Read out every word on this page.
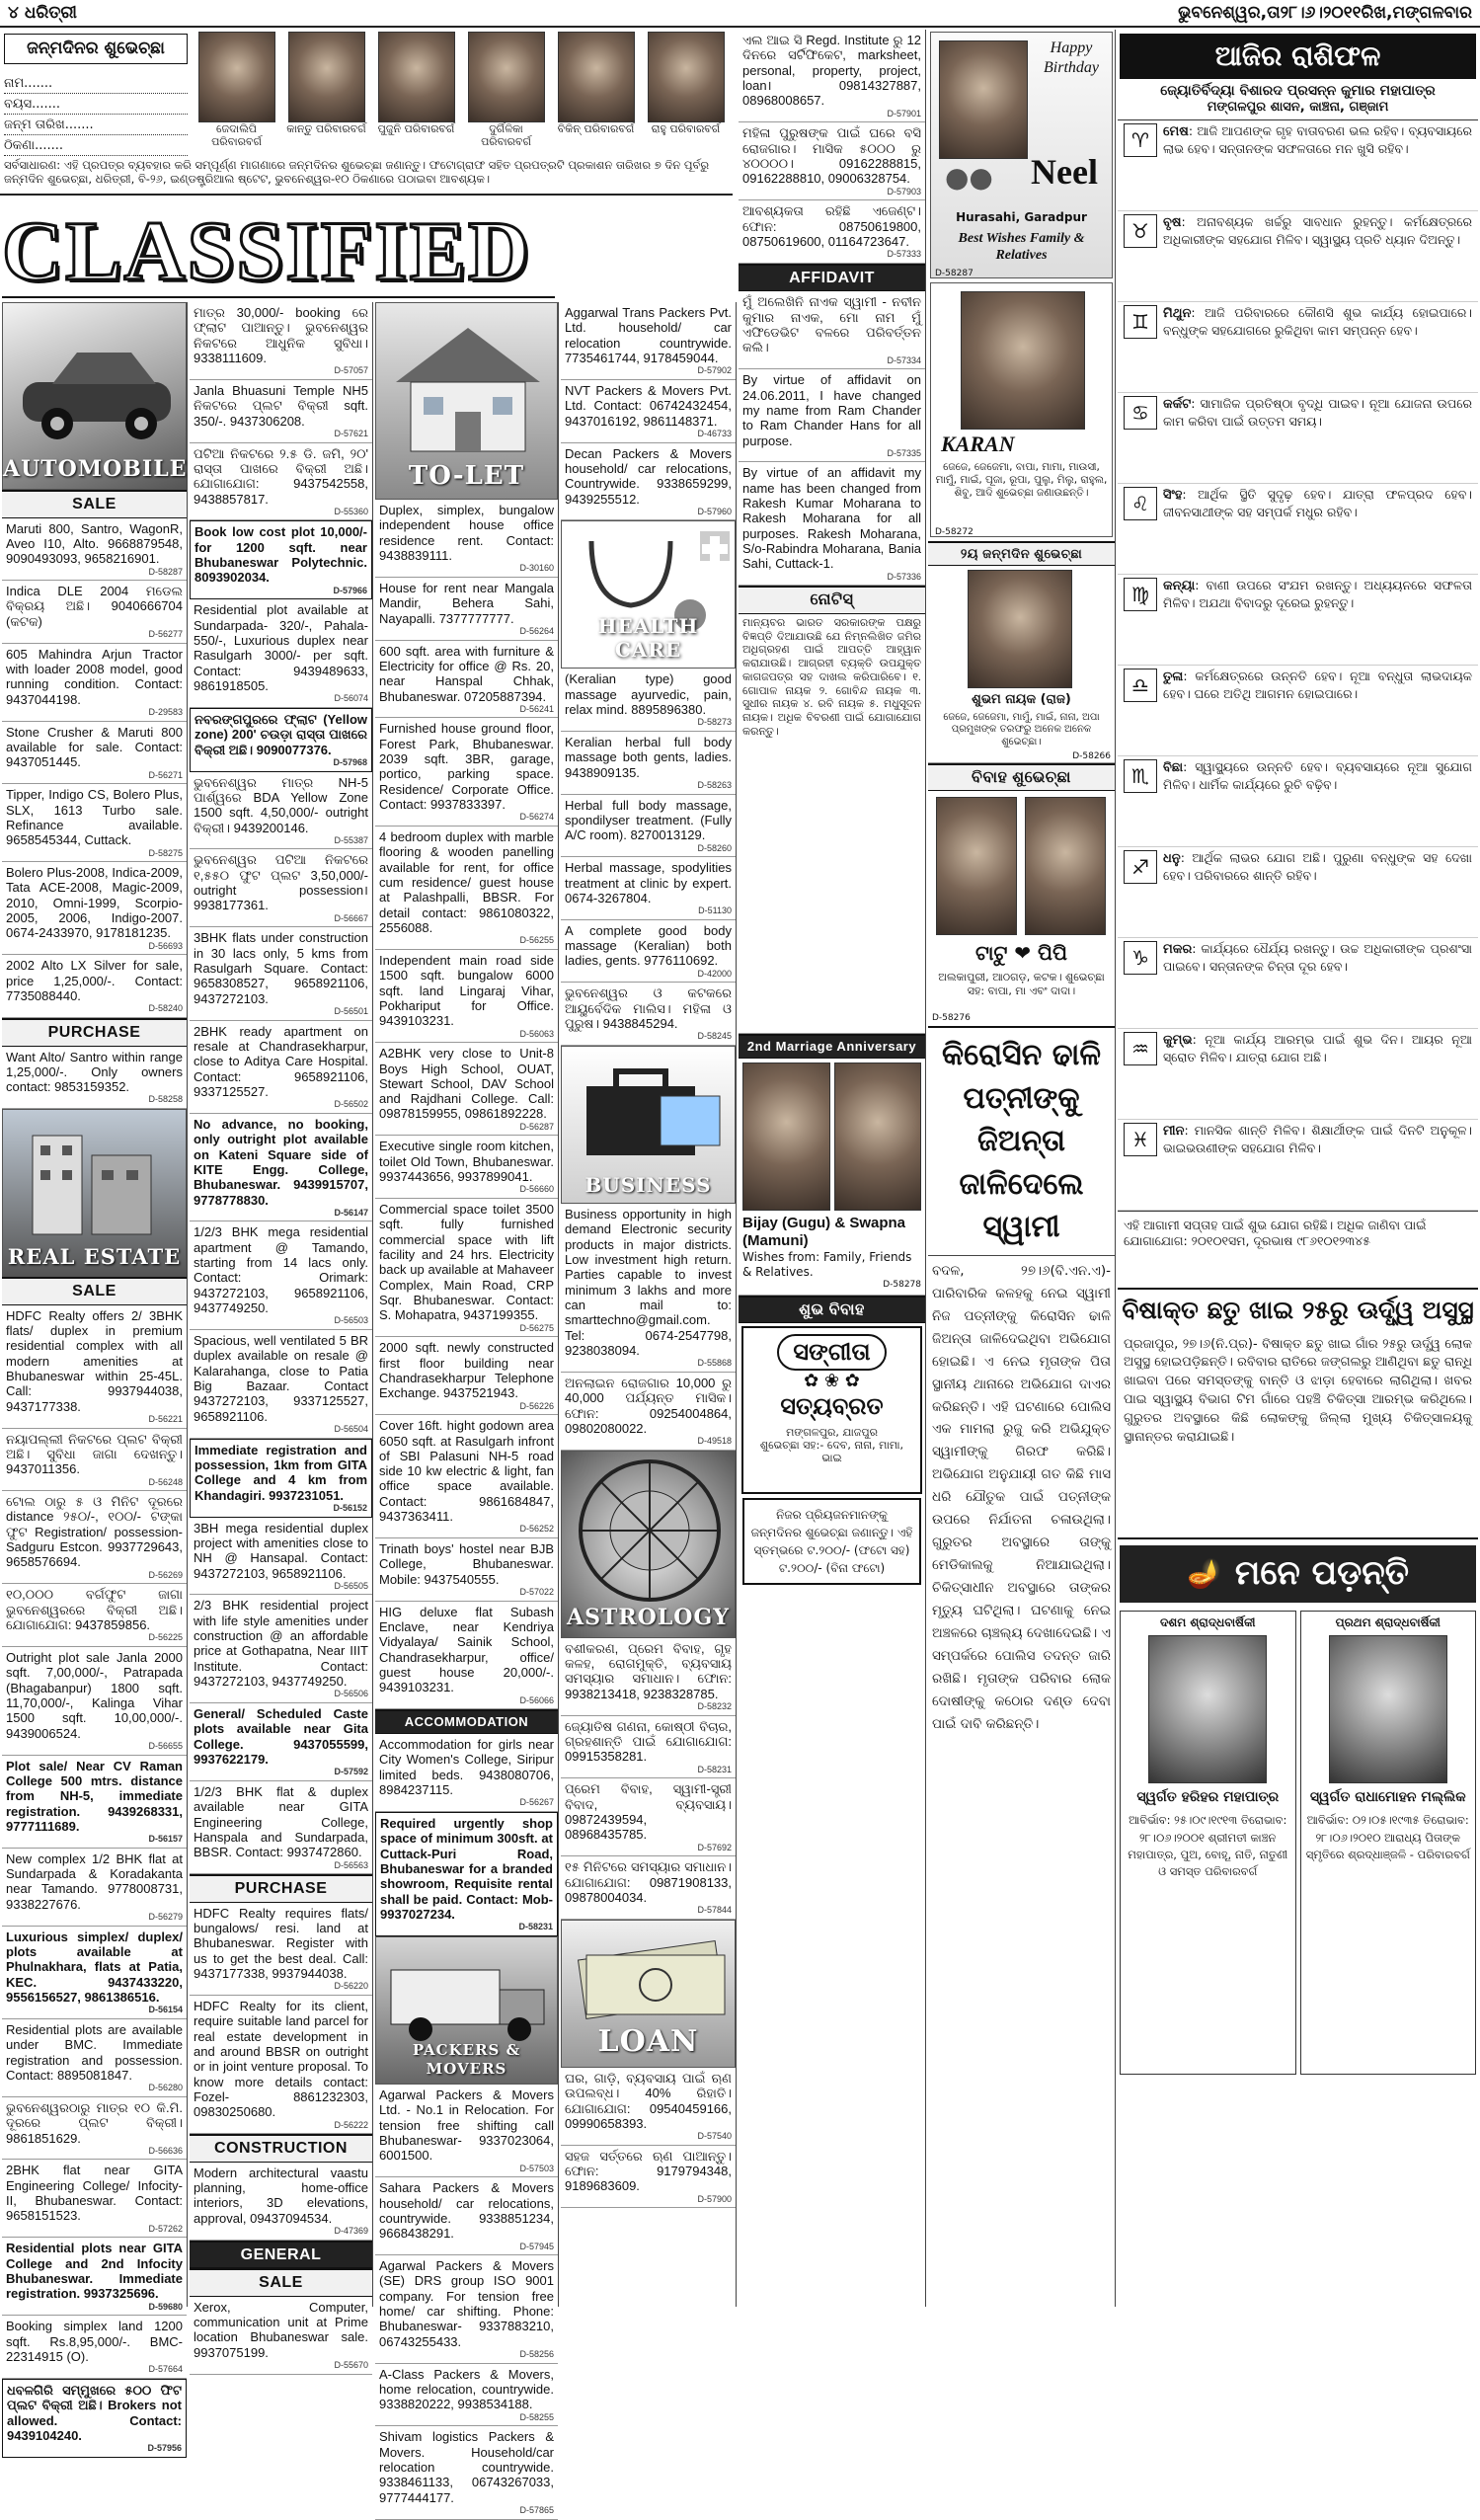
୪ ଧରିତ୍ରୀ	ଭୁବନେଶ୍ୱର,ତା୨୮।୬।୨୦୧୧ରିଖ,ମଙ୍ଗଳବାର
ଜନ୍ମଦିନର ଶୁଭେଚ୍ଛା
ନାମ.......
ବୟସ.......
ଜନ୍ମ ତାରିଖ.......
ଠିକଣା.......
ଜେଦାଲିପି ପରିବାରବର୍ଗ
କାନ୍ତୁ ପରିବାରବର୍ଗ ପୁଜୁନି ପରିବାରବର୍ଗ	ଦୁର୍ଗିଳିକା ପରିବାରବର୍ଗ
ବିକିନ୍ ପରିବାରବର୍ଗ ରାହୁ ପରିବାରବର୍ଗ
ସର୍ବସାଧାରଣ: ଏହି ପ୍ରପତ୍ର ବ୍ୟବହାର କରି ସମ୍ପୂର୍ଣ୍ଣ ମାଗଣାରେ ଜନ୍ମଦିନର ଶୁଭେଚ୍ଛା ଜଣାନ୍ତୁ। ଫଟୋଗ୍ରାଫ ସହିତ ପ୍ରପତ୍ରଟି ପ୍ରକାଶନ ତାରିଖର ୭ ଦିନ ପୂର୍ବରୁ ଜନ୍ମଦିନ ଶୁଭେଚ୍ଛା, ଧରିତ୍ରୀ, ବି-୨୬, ଇଣ୍ଡଷ୍ଟ୍ରିଆଲ ଷ୍ଟେଟ, ଭୁବନେଶ୍ୱର-୧୦ ଠିକଣାରେ ପଠାଇବା ଆବଶ୍ୟକ।
CLASSIFIED
AUTOMOBILE
SALE
Maruti 800, Santro, WagonR, Aveo I10, Alto. 9668879548, 9090493093, 9658216901.
D-58287
Indica DLE 2004 ମଡେଲ ବିକ୍ରୟ ଅଛି। 9040666704 (କଟକ)
D-56277
605 Mahindra Arjun Tractor with loader 2008 model, good running condition. Contact: 9437044198.
D-29583
Stone Crusher & Maruti 800 available for sale. Contact: 9437051445.
D-56271
Tipper, Indigo CS, Bolero Plus, SLX, 1613 Turbo sale. Refinance available. 9658545344, Cuttack.
D-58275
Bolero Plus-2008, Indica-2009, Tata ACE-2008, Magic-2009, 2010, Omni-1999, Scorpio-2005, 2006, Indigo-2007. 0674-2433970, 9178181235.
D-56693
2002 Alto LX Silver for sale, price 1,25,000/-. Contact: 7735088440.
D-58240
PURCHASE
Want Alto/ Santro within range 1,25,000/-. Only owners contact: 9853159352.
D-58258
REAL ESTATE
SALE
HDFC Realty offers 2/ 3BHK flats/ duplex in premium residential complex with all modern amenities at Bhubaneswar within 25-45L. Call: 9937944038, 9437177338.
D-56221
ନୟାପଲ୍ଲୀ ନିକଟରେ ପ୍ଲଟ ବିକ୍ରୀ ଅଛି। ସୁବିଧା ଜାଗା ଦେଖନ୍ତୁ। 9437011356.
D-56248
ଟୋଲ ଠାରୁ ୫ ଓ ମିନିଟ ଦୂରରେ distance ୨୫୦/-, ୧୦୦/- ଟଙ୍କା ଫୁଟ Registration/ possession- Sadguru Estcon. 9937729643, 9658576694.
D-56269
୧୦,୦୦୦ ବର୍ଗଫୁଟ ଜାଗା ଭୁବନେଶ୍ୱରରେ ବିକ୍ରୀ ଅଛି। ଯୋଗାଯୋଗ: 9437859856.
D-56225
Outright plot sale Janla 2000 sqft. 7,00,000/-, Patrapada (Bhagabanpur) 1800 sqft. 11,70,000/-, Kalinga Vihar 1500 sqft. 10,00,000/-. 9439006524.
D-56655
Plot sale/ Near CV Raman College 500 mtrs. distance from NH-5, immediate registration. 9439268331, 9777111689.
D-56157
New complex 1/2 BHK flat at Sundarpada & Koradakanta near Tamando. 9778008731, 9338227676.
D-56279
Luxurious simplex/ duplex/ plots available at Phulnakhara, flats at Patia, KEC. 9437433220, 9556156527, 9861386516.
D-56154
Residential plots are available under BMC. Immediate registration and possession. Contact: 8895081847.
D-56280
ଭୁବନେଶ୍ୱରଠାରୁ ମାତ୍ର ୧୦ କି.ମି. ଦୂରରେ ପ୍ଲଟ ବିକ୍ରୀ। 9861851629.
D-56636
2BHK flat near GITA Engineering College/ Infocity-II, Bhubaneswar. Contact: 9658151523.
D-57262
Residential plots near GITA College and 2nd Infocity Bhubaneswar. Immediate registration. 9937325696.
D-59680
Booking simplex land 1200 sqft. Rs.8,95,000/-. BMC-22314915 (O).
D-57664
ଧବଳଗିରି ସମ୍ମୁଖରେ ୫୦୦ ଫିଟ ପ୍ଲଟ ବିକ୍ରୀ ଅଛି। Brokers not allowed. Contact: 9439104240.
D-57956
ମାତ୍ର 30,000/- booking ରେ ଫ୍ଲାଟ ପାଆନ୍ତୁ। ଭୁବନେଶ୍ୱର ନିକଟରେ ଆଧୁନିକ ସୁବିଧା। 9338111609.
D-57057
Janla Bhuasuni Temple NH5 ନିକଟରେ ପ୍ଲଟ ବିକ୍ରୀ sqft. 350/-. 9437306208.
D-57621
ପଟିଆ ନିକଟରେ ୨.୫ ଡି. ଜମି, ୨୦' ରାସ୍ତା ପାଖରେ ବିକ୍ରୀ ଅଛି। ଯୋଗାଯୋଗ: 9437542558, 9438857817.
D-55360
Book low cost plot 10,000/- for 1200 sqft. near Bhubaneswar Polytechnic. 8093902034.
D-57966
Residential plot available at Sundarpada- 320/-, Pahala- 550/-, Luxurious duplex near Rasulgarh 3000/- per sqft. Contact: 9439489633, 9861918505.
D-56074
ନବରଙ୍ଗପୁରରେ ଫ୍ଲାଟ (Yellow zone) 200' ଚଉଡ଼ା ରାସ୍ତା ପାଖରେ ବିକ୍ରୀ ଅଛି। 9090077376.
D-57968
ଭୁବନେଶ୍ୱର ମାତ୍ର NH-5 ପାର୍ଶ୍ୱରେ BDA Yellow Zone 1500 sqft. 4,50,000/- outright ବିକ୍ରୀ। 9439200146.
D-55387
ଭୁବନେଶ୍ୱର ପଟିଆ ନିକଟରେ ୧,୫୫୦ ଫୁଟ ପ୍ଲଟ 3,50,000/- outright possession। 9938177361.
D-56667
3BHK flats under construction in 30 lacs only, 5 kms from Rasulgarh Square. Contact: 9658308527, 9658921106, 9437272103.
D-56501
2BHK ready apartment on resale at Chandrasekharpur, close to Aditya Care Hospital. Contact: 9658921106, 9337125527.
D-56502
No advance, no booking, only outright plot available on Kateni Square side of KITE Engg. College, Bhubaneswar. 9439915707, 9778778830.
D-56147
1/2/3 BHK mega residential apartment @ Tamando, starting from 14 lacs only. Contact: Orimark: 9437272103, 9658921106, 9437749250.
D-56503
Spacious, well ventilated 5 BR duplex available on resale @ Kalarahanga, close to Patia Big Bazaar. Contact 9437272103, 9337125527, 9658921106.
D-56504
Immediate registration and possession, 1km from GITA College and 4 km from Khandagiri. 9937231051.
D-56152
3BH mega residential duplex project with amenities close to NH @ Hansapal. Contact: 9437272103, 9658921106.
D-56505
2/3 BHK residential project with life style amenities under construction @ an affordable price at Gothapatna, Near IIIT Institute. Contact: 9437272103, 9437749250.
D-56506
General/ Scheduled Caste plots available near Gita College. 9437055599, 9937622179.
D-57592
1/2/3 BHK flat & duplex available near GITA Engineering College, Hanspala and Sundarpada, BBSR. Contact: 9937472860.
D-56563
PURCHASE
HDFC Realty requires flats/ bungalows/ resi. land at Bhubaneswar. Register with us to get the best deal. Call: 9437177338, 9937944038.
D-56220
HDFC Realty for its client, require suitable land parcel for real estate development in and around BBSR on outright or in joint venture proposal. To know more details contact: Fozel- 8861232303, 09830250680.
D-56222
CONSTRUCTION
Modern architectural vaastu planning, home-office interiors, 3D elevations, approval, 09437094534.
D-47369
GENERAL
SALE
Xerox, Computer, communication unit at Prime location Bhubaneswar sale. 9937075199.
D-55670
TO-LET
Duplex, simplex, bungalow independent house office residence rent. Contact: 9438839111.
D-30160
House for rent near Mangala Mandir, Behera Sahi, Nayapalli. 7377777777.
D-56264
600 sqft. area with furniture & Electricity for office @ Rs. 20, near Hanspal Chhak, Bhubaneswar. 07205887394.
D-56241
Furnished house ground floor, Forest Park, Bhubaneswar. 2039 sqft. 3BR, garage, portico, parking space. Residence/ Corporate Office. Contact: 9937833397.
D-56274
4 bedroom duplex with marble flooring & wooden panelling available for rent, for office cum residence/ guest house at Palashpalli, BBSR. For detail contact: 9861080322, 2556088.
D-56255
Independent main road side 1500 sqft. bungalow 6000 sqft. land Lingaraj Vihar, Pokhariput for Office. 9439103231.
D-56063
A2BHK very close to Unit-8 Boys High School, OUAT, Stewart School, DAV School and Rajdhani College. Call: 09878159955, 09861892228.
D-56287
Executive single room kitchen, toilet Old Town, Bhubaneswar. 9937443656, 9937899041.
D-56660
Commercial space toilet 3500 sqft. fully furnished commercial space with lift facility and 24 hrs. Electricity back up available at Mahaveer Complex, Main Road, CRP Sqr. Bhubaneswar. Contact: S. Mohapatra, 9437199355.
D-56275
2000 sqft. newly constructed first floor building near Chandrasekharpur Telephone Exchange. 9437521943.
D-56226
Cover 16ft. hight godown area 6050 sqft. at Rasulgarh infront of SBI Palasuni NH-5 road side 10 kw electric & light, fan office space available. Contact: 9861684847, 9437363411.
D-56252
Trinath boys' hostel near BJB College, Bhubaneswar. Mobile: 9437540555.
D-57022
HIG deluxe flat Subash Enclave, near Kendriya Vidyalaya/ Sainik School, Chandrasekharpur, office/ guest house 20,000/-. 9439103231.
D-56066
ACCOMMODATION
Accommodation for girls near City Women's College, Siripur limited beds. 9438080706, 8984237115.
D-56267
Required urgently shop space of minimum 300sft. at Cuttack-Puri Road, Bhubaneswar for a branded showroom, Requisite rental shall be paid. Contact: Mob-9937027234.
D-58231
PACKERS & MOVERS
Agarwal Packers & Movers Ltd. - No.1 in Relocation. For tension free shifting call Bhubaneswar- 9337023064, 6001500.
D-57503
Sahara Packers & Movers household/ car relocations, countrywide. 9338851234, 9668438291.
D-57945
Agarwal Packers & Movers (SE) DRS group ISO 9001 company. For tension free home/ car shifting. Phone: Bhubaneswar- 9337883210, 06743255433.
D-58256
A-Class Packers & Movers, home relocation, countrywide. 9338820222, 9938534188.
D-58255
Shivam logistics Packers & Movers. Household/car relocation countrywide. 9338461133, 06743267033, 9777444177.
D-57865
Aggarwal Trans Packers Pvt. Ltd. household/ car relocation countrywide. 7735461744, 9178459044.
D-57902
NVT Packers & Movers Pvt. Ltd. Contact: 06742432454, 9437016192, 9861148371.
D-46733
Decan Packers & Movers household/ car relocations, Countrywide. 9338659299, 9439255512.
D-57960
HEALTH CARE
(Keralian type) good massage ayurvedic, pain, relax mind. 8895896380.
D-58273
Keralian herbal full body massage both gents, ladies. 9438909135.
D-58263
Herbal full body massage, spondilyser treatment. (Fully A/C room). 8270013129.
D-58260
Herbal massage, spodylities treatment at clinic by expert. 0674-3267804.
D-51130
A complete good body massage (Keralian) both ladies, gents. 9776110692.
D-42000
ଭୁବନେଶ୍ୱର ଓ କଟକରେ ଆୟୁର୍ବେଦିକ ମାଲିସ। ମହିଳା ଓ ପୁରୁଷ। 9438845294.
D-58245
BUSINESS
Business opportunity in high demand Electronic security products in major districts. Low investment high return. Parties capable to invest minimum 3 lakhs and more can mail to: smarttechno@gmail.com. Tel: 0674-2547798, 9238038094.
D-55868
ଅନଲାଇନ ରୋଜଗାର 10,000 ରୁ 40,000 ପର୍ଯ୍ୟନ୍ତ ମାସିକ। ଫୋନ: 09254004864, 09802080022.
D-49518
ASTROLOGY
ବଶୀକରଣ, ପ୍ରେମ ବିବାହ, ଗୃହ କଳହ, ରୋଗମୁକ୍ତି, ବ୍ୟବସାୟ ସମସ୍ୟାର ସମାଧାନ। ଫୋନ: 9938213418, 9238328785.
D-58232
ଜ୍ୟୋତିଷ ଗଣନା, କୋଷ୍ଠୀ ବିଚାର, ଗ୍ରହଶାନ୍ତି ପାଇଁ ଯୋଗାଯୋଗ: 09915358281.
D-58231
ପ୍ରେମ ବିବାହ, ସ୍ୱାମୀ-ସ୍ତ୍ରୀ ବିବାଦ, ବ୍ୟବସାୟ। 09872439594, 08968435785.
D-57692
୧୫ ମିନିଟରେ ସମସ୍ୟାର ସମାଧାନ। ଯୋଗାଯୋଗ: 09871908133, 09878004034.
D-57844
LOAN
ଘର, ଗାଡ଼ି, ବ୍ୟବସାୟ ପାଇଁ ଋଣ ଉପଲବ୍ଧ। 40% ରିହାତି। ଯୋଗାଯୋଗ: 09540459166, 09990658393.
D-57540
ସହଜ ସର୍ତ୍ତରେ ଋଣ ପାଆନ୍ତୁ। ଫୋନ: 9179794348, 9189683609.
D-57900
ଏଲ ଆଇ ସି Regd. Institute ରୁ 12 ଦିନରେ ସର୍ଟିଫିକେଟ, marksheet, personal, property, project, loan। 09814327887, 08968008657.
D-57901
ମହିଳା ପୁରୁଷଙ୍କ ପାଇଁ ଘରେ ବସି ରୋଜଗାର। ମାସିକ ୫୦୦୦ ରୁ ୪୦୦୦୦। 09162288815, 09162288810, 09006328754.
D-57903
ଆବଶ୍ୟକତା ରହିଛି ଏଜେଣ୍ଟ। ଫୋନ: 08750619800, 08750619600, 01164723647.
D-57333
AFFIDAVIT
ମୁଁ ଅଲେଖିନି ନାଏକ ସ୍ୱାମୀ - ନବୀନ କୁମାର ନାଏକ, ମୋ ନାମ ମୁଁ ଏଫିଡେଭିଟ ବଳରେ ପରିବର୍ତ୍ତନ କଲି।
D-57334
By virtue of affidavit on 24.06.2011, I have changed my name from Ram Chander to Ram Chander Hans for all purpose.
D-57335
By virtue of an affidavit my name has been changed from Rakesh Kumar Moharana to Rakesh Moharana for all purposes. Rakesh Moharana, S/o-Rabindra Moharana, Bania Sahi, Cuttack-1.
D-57336
ନୋଟିସ୍
ମାନ୍ୟବର ଭାରତ ସରକାରଙ୍କ ପକ୍ଷରୁ ବିଜ୍ଞପ୍ତି ଦିଆଯାଉଛି ଯେ ନିମ୍ନଲିଖିତ ଜମିର ଅଧିଗ୍ରହଣ ପାଇଁ ଆପତ୍ତି ଆହ୍ୱାନ କରାଯାଉଛି। ଆଗ୍ରହୀ ବ୍ୟକ୍ତି ଉପଯୁକ୍ତ କାଗଜପତ୍ର ସହ ଦାଖଲ କରିପାରିବେ। ୧. ଗୋପାଳ ନାୟକ ୨. ଗୋବିନ୍ଦ ନାୟକ ୩. ସୁଧୀର ନାୟକ ୪. ରବି ନାୟକ ୫. ମଧୁସୂଦନ ନାୟକ। ଅଧିକ ବିବରଣୀ ପାଇଁ ଯୋଗାଯୋଗ କରନ୍ତୁ।
2nd Marriage Anniversary
Bijay (Gugu) & Swapna (Mamuni)
Wishes from: Family, Friends & Relatives.
D-58278
ଶୁଭ ବିବାହ
ସଙ୍ଗୀତା
✿ ❀ ✿
ସତ୍ୟବ୍ରତ
ମଙ୍ଗଳପୁର, ଯାଜପୁର
ଶୁଭେଚ୍ଛା ସହ:- ଦେବ, ନାନା, ମାମା, ଭାଇ
ନିଜର ପ୍ରିୟଜନମାନଙ୍କୁ ଜନ୍ମଦିନର ଶୁଭେଚ୍ଛା ଜଣାନ୍ତୁ। ଏହି ସ୍ତମ୍ଭରେ ଟ.୨୦୦/- (ଫଟୋ ସହ) ଟ.୨୦୦/- (ବିନା ଫଟୋ)
Happy Birthday
●● Neel
Hurasahi, Garadpur
Best Wishes Family & Relatives
D-58287
KARAN
ଜେଜେ, ଜେଜେମା, ବାପା, ମାମା, ମାଉସୀ, ମାମୁଁ, ମାଇଁ, ପୂଜା, ରୂପା, ପୁଲୁ, ମିଲୁ, ରାହୁଲ, ଶିବୁ, ଆଦି ଶୁଭେଚ୍ଛା ଜଣାଉଛନ୍ତି।
D-58272
୨ୟ ଜନ୍ମଦିନ ଶୁଭେଚ୍ଛା
ଶୁଭମ ନାୟକ (ରାଜ)
ଜେଜେ, ଜେଜେମା, ମାମୁଁ, ମାଇଁ, ନାନା, ଅପା ପ୍ରମୁଖଙ୍କ ତରଫରୁ ଅନେକ ଅନେକ ଶୁଭେଚ୍ଛା।
D-58266
ବିବାହ ଶୁଭେଚ୍ଛା
ଟାଟୁ ❤ ପିପି
ଅଲକାପୁରୀ, ଆଠଗଡ଼, କଟକ। ଶୁଭେଚ୍ଛା ସହ: ବାପା, ମା ଏବଂ ଦାଦା।
D-58276
କିରୋସିନ ଢାଳି ପତ୍ନୀଙ୍କୁ ଜିଅନ୍ତା ଜାଳିଦେଲେ ସ୍ୱାମୀ
ବଦଳ, ୨୭।୬(ବି.ଏନ.ଏ)- ପାରିବାରିକ କଳହକୁ ନେଇ ସ୍ୱାମୀ ନିଜ ପତ୍ନୀଙ୍କୁ କିରୋସିନ ଢାଳି ଜିଅନ୍ତା ଜାଳିଦେଇଥିବା ଅଭିଯୋଗ ହୋଇଛି। ଏ ନେଇ ମୃତାଙ୍କ ପିତା ସ୍ଥାନୀୟ ଥାନାରେ ଅଭିଯୋଗ ଦାଏର କରିଛନ୍ତି। ଏହି ଘଟଣାରେ ପୋଲିସ ଏକ ମାମଲା ରୁଜୁ କରି ଅଭିଯୁକ୍ତ ସ୍ୱାମୀଙ୍କୁ ଗିରଫ କରିଛି। ଅଭିଯୋଗ ଅନୁଯାୟୀ ଗତ କିଛି ମାସ ଧରି ଯୌତୁକ ପାଇଁ ପତ୍ନୀଙ୍କ ଉପରେ ନିର୍ଯାତନା ଚଳାଉଥିଲା। ଗୁରୁତର ଅବସ୍ଥାରେ ତାଙ୍କୁ ମେଡିକାଲକୁ ନିଆଯାଇଥିଲା। ଚିକିତ୍ସାଧୀନ ଅବସ୍ଥାରେ ତାଙ୍କର ମୃତ୍ୟୁ ଘଟିଥିଲା। ଘଟଣାକୁ ନେଇ ଅଞ୍ଚଳରେ ଚାଞ୍ଚଲ୍ୟ ଦେଖାଦେଇଛି। ଏ ସମ୍ପର୍କରେ ପୋଲିସ ତଦନ୍ତ ଜାରି ରଖିଛି। ମୃତାଙ୍କ ପରିବାର ଲୋକ ଦୋଷୀଙ୍କୁ କଠୋର ଦଣ୍ଡ ଦେବା ପାଇଁ ଦାବି କରିଛନ୍ତି।
ଆଜିର ରାଶିଫଳ
ଜ୍ୟୋତିର୍ବିଦ୍ୟା ବିଶାରଦ ପ୍ରସନ୍ନ କୁମାର ମହାପାତ୍ର
ମଙ୍ଗଳପୁର ଶାସନ, କାଞ୍ଚନା, ଗଞ୍ଜାମ
♈	ମେଷ: ଆଜି ଆପଣଙ୍କ ଗୃହ ବାତାବରଣ ଭଲ ରହିବ। ବ୍ୟବସାୟରେ ଲାଭ ହେବ। ସନ୍ତାନଙ୍କ ସଫଳତାରେ ମନ ଖୁସି ରହିବ।
♉	ବୃଷ: ଅନାବଶ୍ୟକ ଖର୍ଚ୍ଚରୁ ସାବଧାନ ରୁହନ୍ତୁ। କର୍ମକ୍ଷେତ୍ରରେ ଅଧିକାରୀଙ୍କ ସହଯୋଗ ମିଳିବ। ସ୍ୱାସ୍ଥ୍ୟ ପ୍ରତି ଧ୍ୟାନ ଦିଅନ୍ତୁ।
♊	ମିଥୁନ: ଆଜି ପରିବାରରେ କୌଣସି ଶୁଭ କାର୍ଯ୍ୟ ହୋଇପାରେ। ବନ୍ଧୁଙ୍କ ସହଯୋଗରେ ରୁକିଥିବା କାମ ସମ୍ପନ୍ନ ହେବ।
♋	କର୍କଟ: ସାମାଜିକ ପ୍ରତିଷ୍ଠା ବୃଦ୍ଧି ପାଇବ। ନୂଆ ଯୋଜନା ଉପରେ କାମ କରିବା ପାଇଁ ଉତ୍ତମ ସମୟ।
♌	ସିଂହ: ଆର୍ଥିକ ସ୍ଥିତି ସୁଦୃଢ଼ ହେବ। ଯାତ୍ରା ଫଳପ୍ରଦ ହେବ। ଜୀବନସାଥୀଙ୍କ ସହ ସମ୍ପର୍କ ମଧୁର ରହିବ।
♍	କନ୍ୟା: ବାଣୀ ଉପରେ ସଂଯମ ରଖନ୍ତୁ। ଅଧ୍ୟୟନରେ ସଫଳତା ମିଳିବ। ଅଯଥା ବିବାଦରୁ ଦୂରେଇ ରୁହନ୍ତୁ।
♎	ତୁଳା: କର୍ମକ୍ଷେତ୍ରରେ ଉନ୍ନତି ହେବ। ନୂଆ ବନ୍ଧୁତା ଲାଭଦାୟକ ହେବ। ଘରେ ଅତିଥି ଆଗମନ ହୋଇପାରେ।
♏	ବିଛା: ସ୍ୱାସ୍ଥ୍ୟରେ ଉନ୍ନତି ହେବ। ବ୍ୟବସାୟରେ ନୂଆ ସୁଯୋଗ ମିଳିବ। ଧାର୍ମିକ କାର୍ଯ୍ୟରେ ରୁଚି ବଢ଼ିବ।
♐	ଧନୁ: ଆର୍ଥିକ ଲାଭର ଯୋଗ ଅଛି। ପୁରୁଣା ବନ୍ଧୁଙ୍କ ସହ ଦେଖା ହେବ। ପରିବାରରେ ଶାନ୍ତି ରହିବ।
♑	ମକର: କାର୍ଯ୍ୟରେ ଧୈର୍ଯ୍ୟ ରଖନ୍ତୁ। ଉଚ୍ଚ ଅଧିକାରୀଙ୍କ ପ୍ରଶଂସା ପାଇବେ। ସନ୍ତାନଙ୍କ ଚିନ୍ତା ଦୂର ହେବ।
♒	କୁମ୍ଭ: ନୂଆ କାର୍ଯ୍ୟ ଆରମ୍ଭ ପାଇଁ ଶୁଭ ଦିନ। ଆୟର ନୂଆ ସ୍ରୋତ ମିଳିବ। ଯାତ୍ରା ଯୋଗ ଅଛି।
♓	ମୀନ: ମାନସିକ ଶାନ୍ତି ମିଳିବ। ଶିକ୍ଷାର୍ଥୀଙ୍କ ପାଇଁ ଦିନଟି ଅନୁକୂଳ। ଭାଇଭଉଣୀଙ୍କ ସହଯୋଗ ମିଳିବ।
ଏହି ଆଗାମୀ ସପ୍ତାହ ପାଇଁ ଶୁଭ ଯୋଗ ରହିଛି। ଅଧିକ ଜାଣିବା ପାଇଁ ଯୋଗାଯୋଗ: ୨୦୧୦୧ସମ, ଦୂରଭାଷ ୯୮୬୧୦୧୨୩୪୫
ବିଷାକ୍ତ ଛତୁ ଖାଇ ୨୫ରୁ ଊର୍ଦ୍ଧ୍ୱ ଅସୁସ୍ଥ
ପ୍ରଜାପୁର, ୨୭।୬(ନି.ପ୍ର)- ବିଷାକ୍ତ ଛତୁ ଖାଇ ଗାଁର ୨୫ରୁ ଊର୍ଦ୍ଧ୍ୱ ଲୋକ ଅସୁସ୍ଥ ହୋଇପଡ଼ିଛନ୍ତି। ରବିବାର ରାତିରେ ଜଙ୍ଗଲରୁ ଆଣିଥିବା ଛତୁ ରାନ୍ଧି ଖାଇବା ପରେ ସମସ୍ତଙ୍କୁ ବାନ୍ତି ଓ ଝାଡ଼ା ହେବାରେ ଲାଗିଥିଲା। ଖବର ପାଇ ସ୍ୱାସ୍ଥ୍ୟ ବିଭାଗ ଟିମ ଗାଁରେ ପହଞ୍ଚି ଚିକିତ୍ସା ଆରମ୍ଭ କରିଥିଲେ। ଗୁରୁତର ଅବସ୍ଥାରେ କିଛି ଲୋକଙ୍କୁ ଜିଲ୍ଲା ମୁଖ୍ୟ ଚିକିତ୍ସାଳୟକୁ ସ୍ଥାନାନ୍ତର କରାଯାଇଛି।
🪔 ମନେ ପଡ଼ନ୍ତି
ଦଶମ ଶ୍ରାଦ୍ଧବାର୍ଷିକୀ
ସ୍ୱର୍ଗତ ହରିହର ମହାପାତ୍ର
ଆବିର୍ଭାବ: ୨୫।୦୯।୧୯୧୩ ତିରୋଭାବ: ୨୮।୦୬।୨୦୦୧ ଶ୍ରୀମତୀ କାଞ୍ଚନ ମହାପାତ୍ର, ପୁଅ, ବୋହୂ, ନାତି, ନାତୁଣୀ ଓ ସମସ୍ତ ପରିବାରବର୍ଗ
ପ୍ରଥମ ଶ୍ରାଦ୍ଧବାର୍ଷିକୀ
ସ୍ୱର୍ଗତ ରାଧାମୋହନ ମଲ୍ଲିକ
ଆବିର୍ଭାବ: ୦୨।୦୫।୧୯୩୫ ତିରୋଭାବ: ୨୮।୦୬।୨୦୧୦ ଆରାଧ୍ୟ ପିତାଙ୍କ ସ୍ମୃତିରେ ଶ୍ରଦ୍ଧାଞ୍ଜଳି - ପରିବାରବର୍ଗ
